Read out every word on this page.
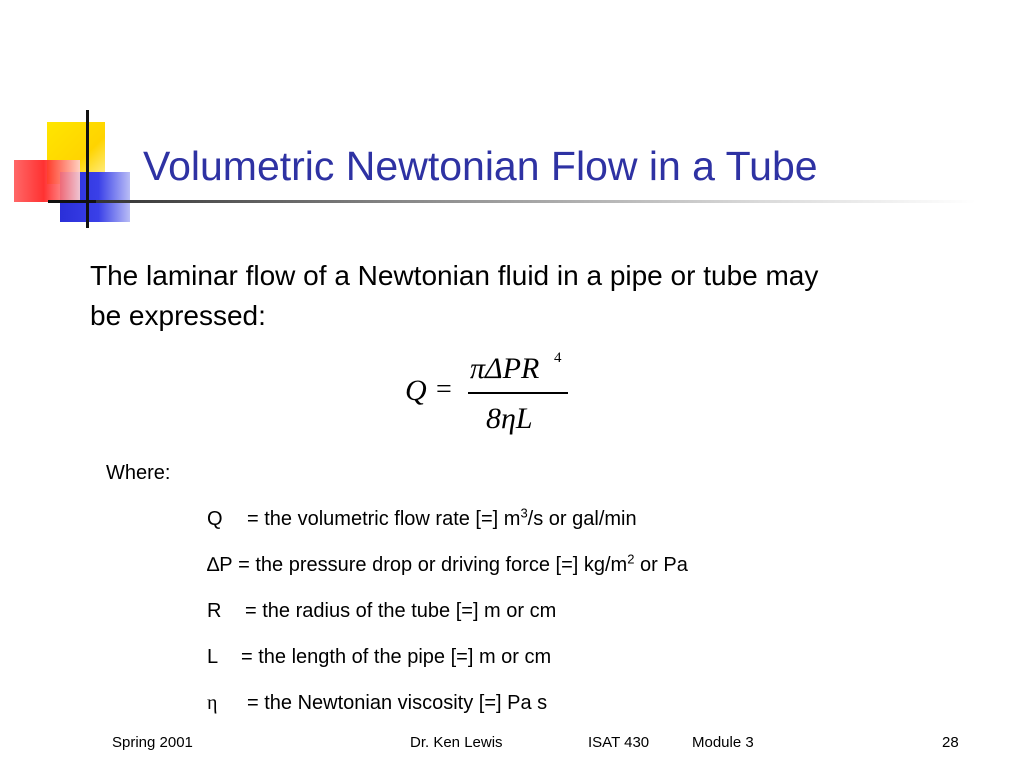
Volumetric Newtonian Flow in a Tube
The laminar flow of a Newtonian fluid in a pipe or tube may be expressed:
Q =
πΔPR 4
8ηL
Where:
Q = the volumetric flow rate [=] $m^3/s$ or gal/min
∆P = the pressure drop or driving force [=] $kg/m^2$ or Pa
R = the radius of the tube [=] m or cm
L = the length of the pipe [=] m or cm
η = the Newtonian viscosity [=] Pa s
Spring 2001	Dr. Ken Lewis	ISAT 430	Module 3	28
